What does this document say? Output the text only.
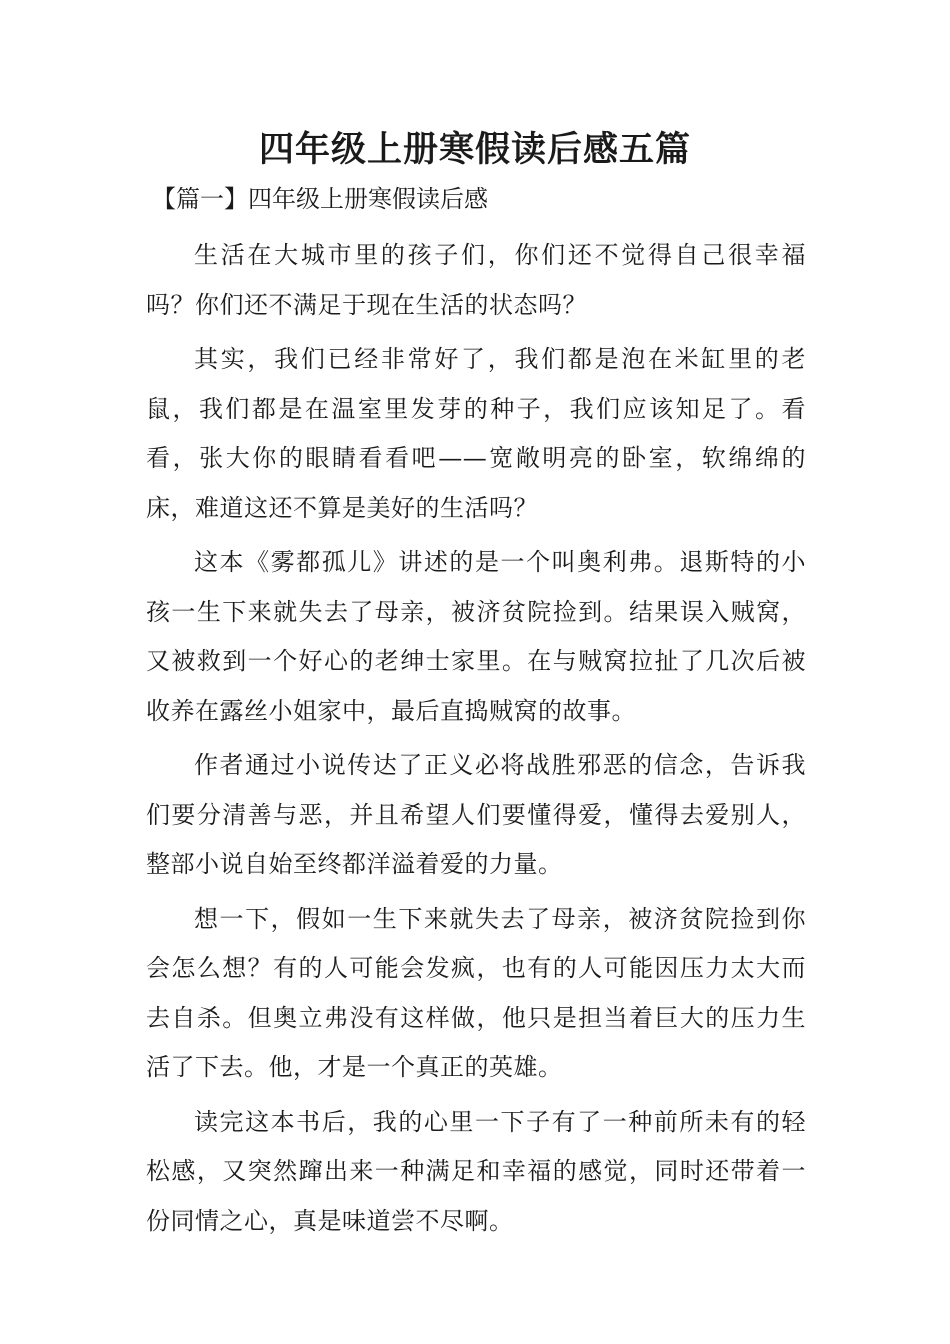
四年级上册寒假读后感五篇

【篇一】四年级上册寒假读后感

生活在大城市里的孩子们，你们还不觉得自己很幸福吗？你们还不满足于现在生活的状态吗？

其实，我们已经非常好了，我们都是泡在米缸里的老鼠，我们都是在温室里发芽的种子，我们应该知足了。看看，张大你的眼睛看看吧——宽敞明亮的卧室，软绵绵的床，难道这还不算是美好的生活吗？

这本《雾都孤儿》讲述的是一个叫奥利弗。退斯特的小孩一生下来就失去了母亲，被济贫院捡到。结果误入贼窝，又被救到一个好心的老绅士家里。在与贼窝拉扯了几次后被收养在露丝小姐家中，最后直捣贼窝的故事。

作者通过小说传达了正义必将战胜邪恶的信念，告诉我们要分清善与恶，并且希望人们要懂得爱，懂得去爱别人，整部小说自始至终都洋溢着爱的力量。

想一下，假如一生下来就失去了母亲，被济贫院捡到你会怎么想？有的人可能会发疯，也有的人可能因压力太大而去自杀。但奥立弗没有这样做，他只是担当着巨大的压力生活了下去。他，才是一个真正的英雄。

读完这本书后，我的心里一下子有了一种前所未有的轻松感，又突然蹿出来一种满足和幸福的感觉，同时还带着一份同情之心，真是味道尝不尽啊。
